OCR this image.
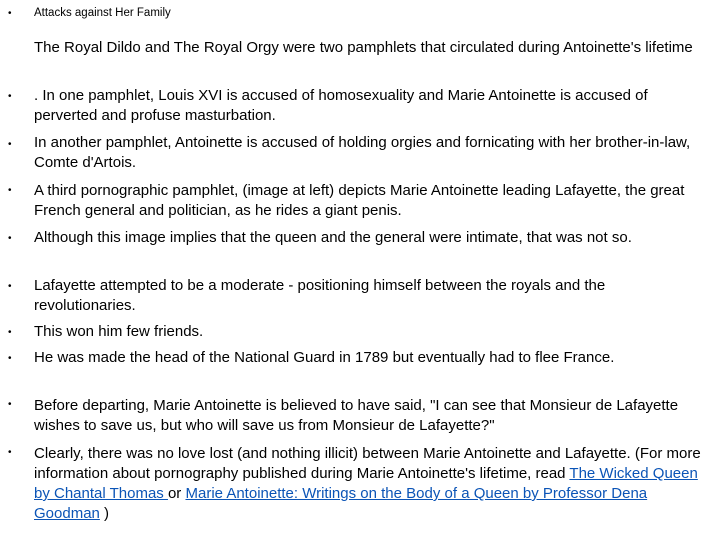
•
•
•
•
•
•
•
•
•
•
Attacks against Her Family
The Royal Dildo and The Royal Orgy were two pamphlets that circulated during Antoinette's lifetime
. In one pamphlet, Louis XVI is accused of homosexuality and Marie Antoinette is accused of perverted and profuse masturbation.
In another pamphlet, Antoinette is accused of holding orgies and fornicating with her brother-in-law, Comte d'Artois.
A third pornographic pamphlet, (image at left) depicts Marie Antoinette leading Lafayette, the great French general and politician, as he rides a giant penis.
Although this image implies that the queen and the general were intimate, that was not so.
Lafayette attempted to be a moderate - positioning himself between the royals and the revolutionaries.
This won him few friends.
He was made the head of the National Guard in 1789 but eventually had to flee France.
Before departing, Marie Antoinette is believed to have said, "I can see that Monsieur de Lafayette wishes to save us, but who will save us from Monsieur de Lafayette?"
Clearly, there was no love lost (and nothing illicit) between Marie Antoinette and Lafayette. (For more information about pornography published during Marie Antoinette's lifetime, read The Wicked Queen by Chantal Thomas or Marie Antoinette: Writings on the Body of a Queen by Professor Dena Goodman )
